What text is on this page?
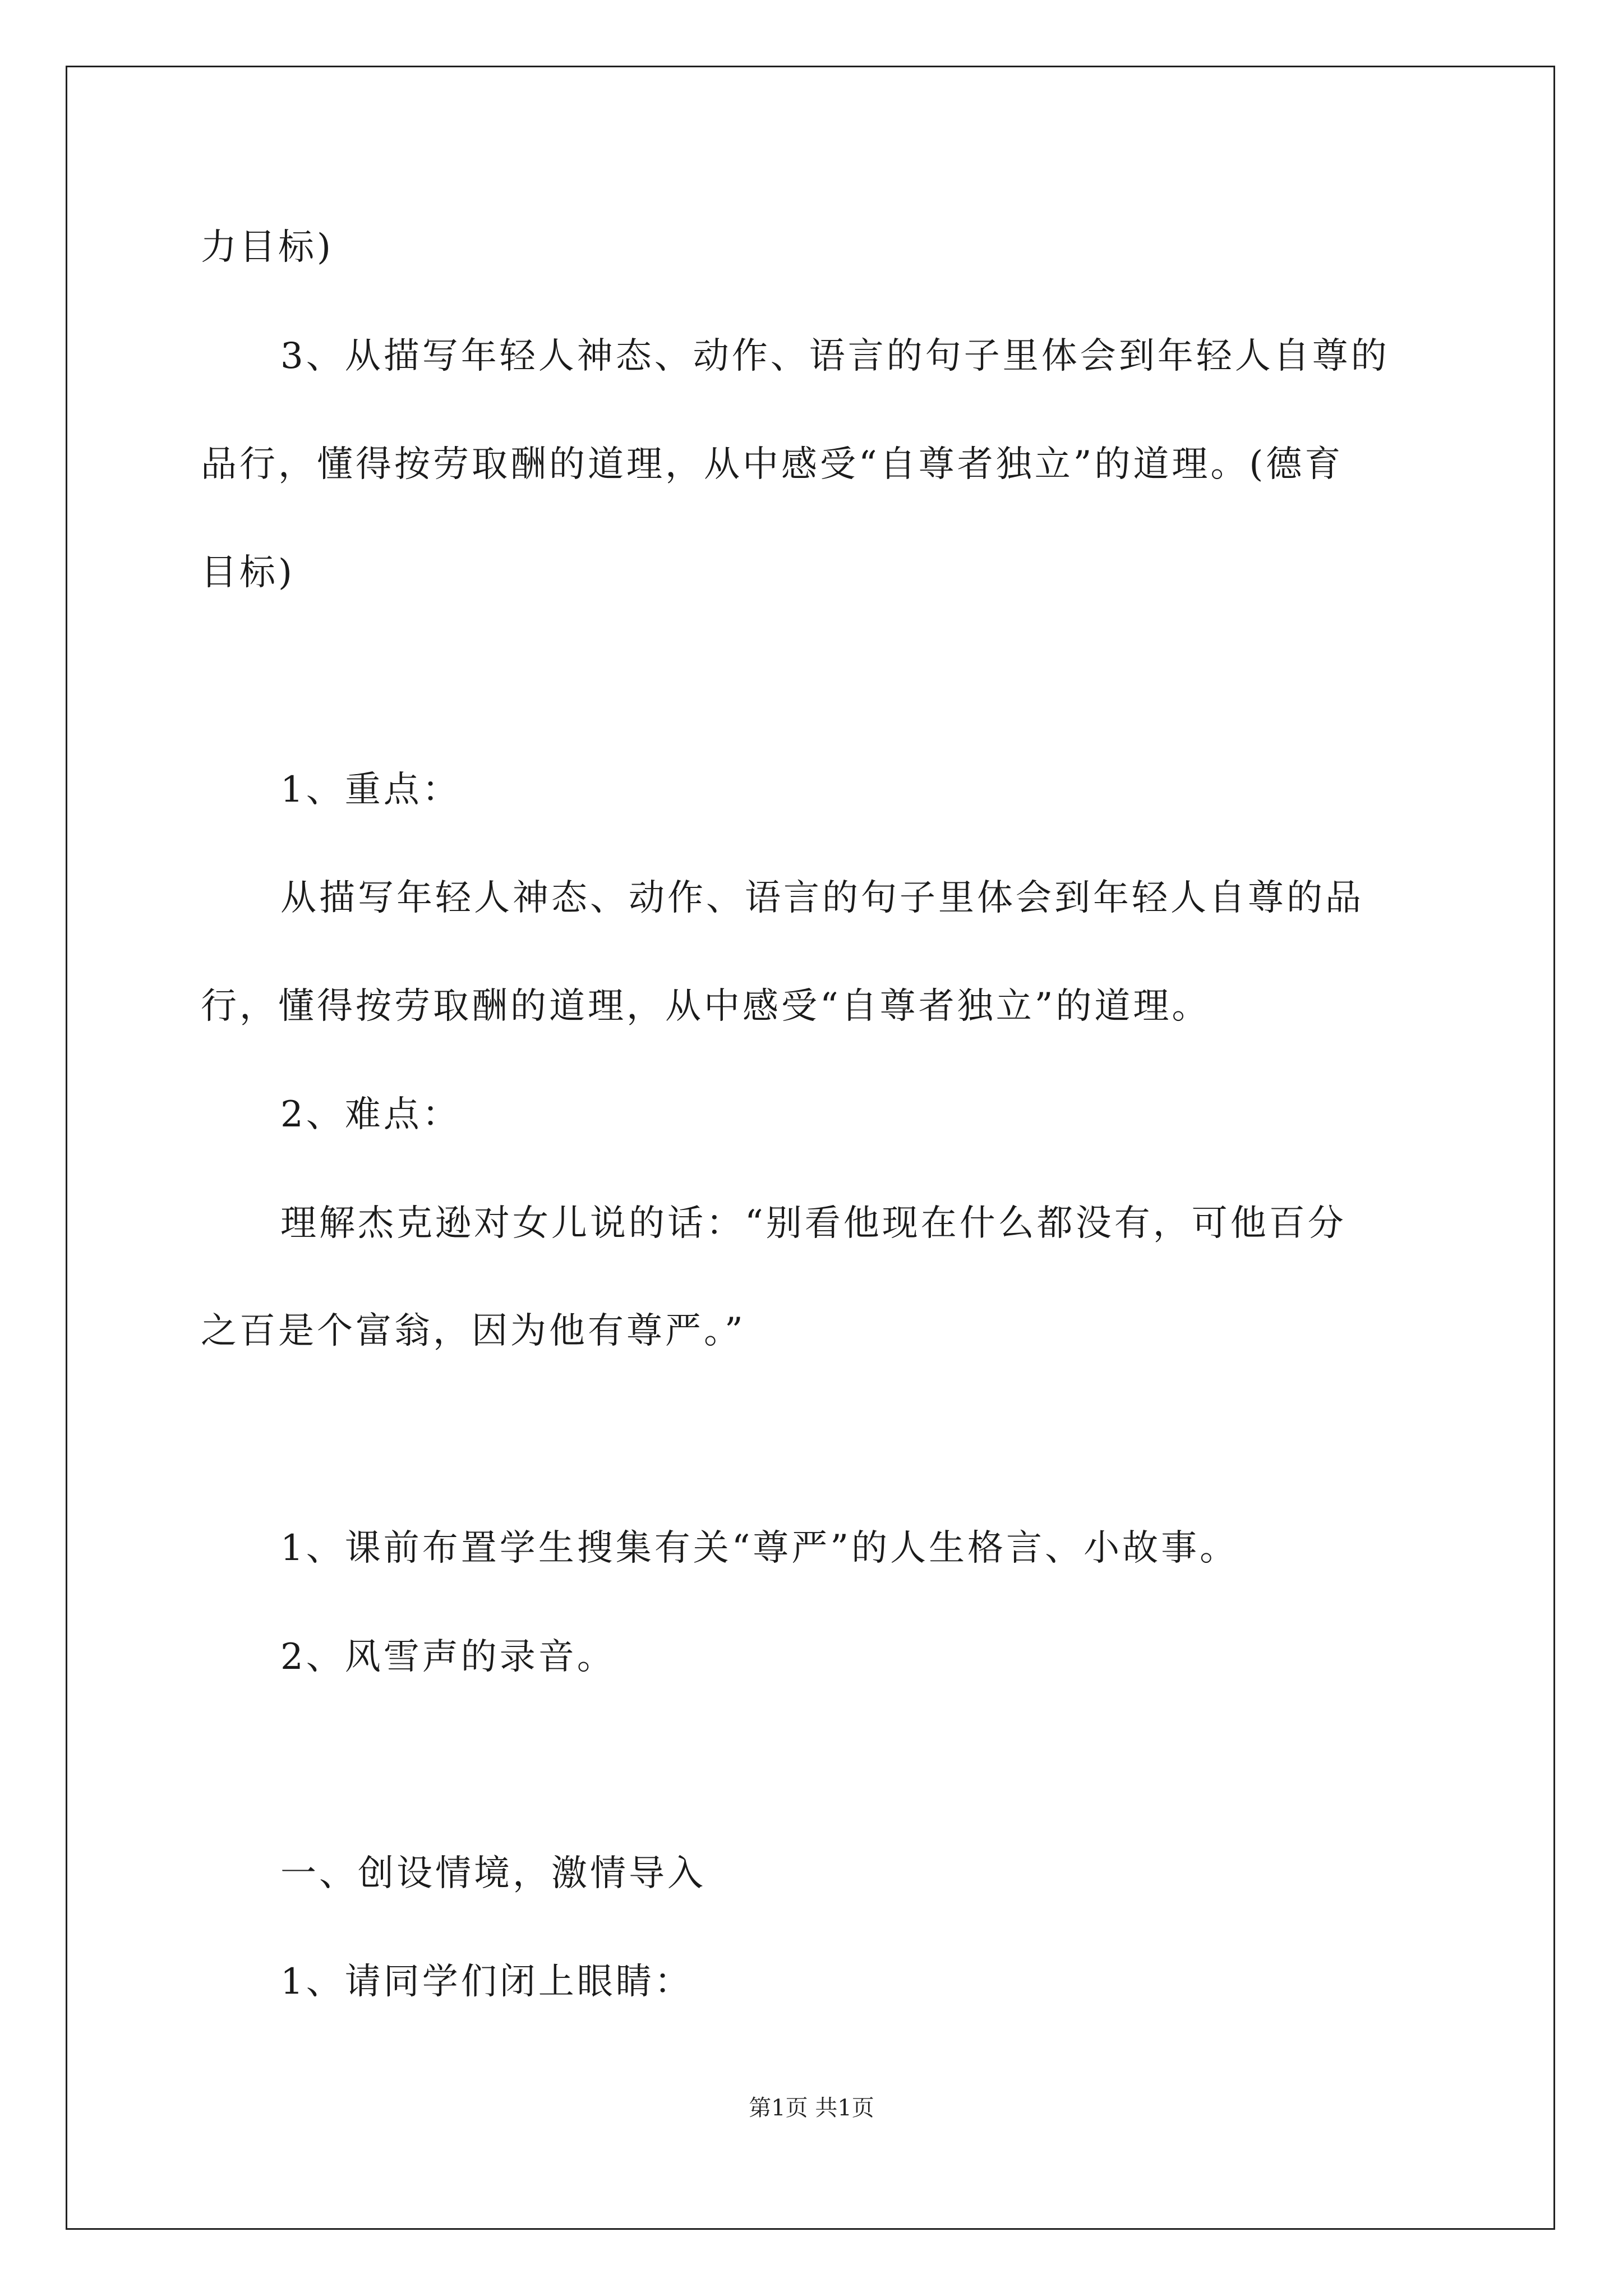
力目标)
3、从描写年轻人神态、动作、语言的句子里体会到年轻人自尊的
品行，懂得按劳取酬的道理，从中感受“自尊者独立”的道理。(德育
目标)
1、重点：
从描写年轻人神态、动作、语言的句子里体会到年轻人自尊的品
行，懂得按劳取酬的道理，从中感受“自尊者独立”的道理。
2、难点：
理解杰克逊对女儿说的话：“别看他现在什么都没有，可他百分
之百是个富翁，因为他有尊严。”
1、课前布置学生搜集有关“尊严”的人生格言、小故事。
2、风雪声的录音。
一、创设情境，激情导入
1、请同学们闭上眼睛：
第1页 共1页
